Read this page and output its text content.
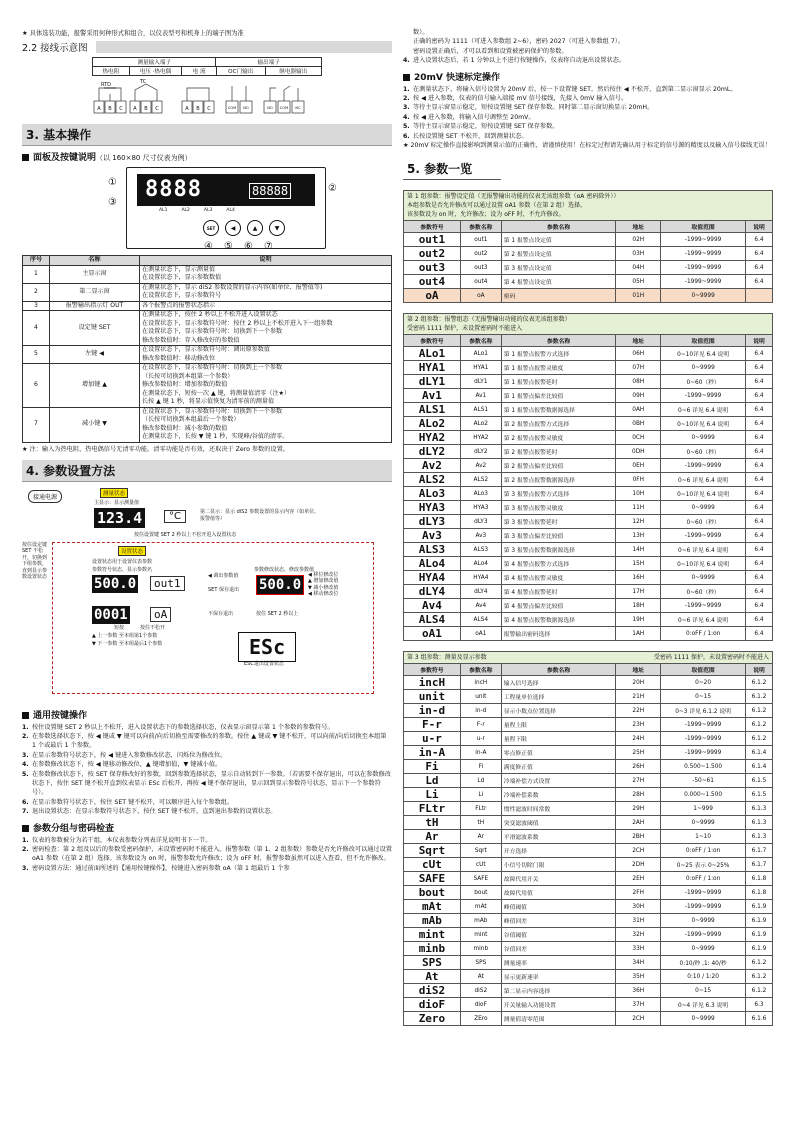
★ 具体选装功能，报警采用何种形式和组合，以仪表型号和机身上的端子图为准
2.2 接线示意图
测量输入端子	输出端子
热电阻	电压 ·热电偶	电 流	OC门输出	继电器输出
RTD	TC
A B C A B C	A B C	COM NO	NO COM NC
3. 基本操作
面板及按键说明（以 160×80 尺寸仪表为例）
8888	88888
AL1	AL2	AL3	AL4
SET	◀	▲	▼
①
②
③
④ ⑤ ⑥ ⑦
序号	名称	说明
1	主显示窗	在测量状态下，显示测量值
在设置状态下，显示参数数值

2	第二显示窗	在测量状态下，显示 diS2 参数设置的显示内容(如单位、报警值等)
在设置状态下，显示参数符号

3	报警输出指示灯 OUT	各个报警点的报警状态指示

4	设定键 SET	在测量状态下，按住 2 秒以上不松开进入设置状态
在设置状态下，显示参数符号时：按住 2 秒以上不松开进入下一组参数
在设置状态下，显示参数符号时：切换到下一个参数
修改参数值时：存入修改好的参数值

5	左键 ◀	在设置状态下，显示参数符号时：调出原参数值
修改参数值时：移动修改位

6	增加键 ▲	在设置状态下，显示参数符号时：切换到上一个参数
（长按可切换到本组第一个参数）
修改参数值时：增加参数的数值
在测量状态下，短按一次 ▲ 键，将测量值清零（注★）
长按 ▲ 键 1 秒，将显示值恢复为清零前的测量值

7	减小键 ▼	在设置状态下，显示参数符号时：切换到下一个参数
（长按可切换到本组最后一个参数）
修改参数值时：减小参数的数值
在测量状态下，长按 ▼ 键 1 秒，实现峰/谷值的清零。
★ 注：输入为热电阻、热电偶信号无清零功能。清零功能是否有效，还取决于 Zero 参数的设置。
4. 参数设置方法
接通电源	测量状态
主显示：显示测量值
123.4	°C	第二显示：显示 diS2 参数设置的显示内容（如单位、报警值等）
按住设置键 SET 2 秒以上不松开进入设置状态
按住设定键 SET 不松开，切换到下组参数，直到显示参数设置状态
设置状态
设置状态用于设置仪表参数
参数符号状态，显示参数名	参数修改状态，修改参数值
500.0	out1
◀ 调出参数值
SET 保存退出 500.0
◀ 移位修改位
▲ 增加修改值
▼ 减小修改值
◀ 移动修改位
0001	oA	不保存退出	按住 SET 2 秒以上
短按	按住不松开
▲ 上一参数 至本组第1个参数
▼ 下一参数 至本组最后1个参数	ESc
ESC退出设置状态
通用按键操作
1. 按住设置键 SET 2 秒以上不松开，进入设置状态下的参数选择状态，仪表显示窗显示第 1 个参数的参数符号。
2. 在参数选择状态下，按 ◀ 键或 ▼ 键可以向前/向后切换至需要修改的参数。按住 ▲ 键或 ▼ 键不松开，可以向前/向后切换至本组第 1 个或最后 1 个参数。
3. 在显示参数符号状态下，按 ◀ 键进入参数修改状态，闪烁位为修改位。
4. 在参数修改状态下，按 ◀ 键移动修改位，▲ 键增加值，▼ 键减小值。
5. 在参数修改状态下，按 SET 保存修改好的参数，回到参数选择状态，显示自动转到下一参数。（若需要不保存退出，可以在参数修改状态下，按住 SET 键不松开直到仪表显示 ESc 后松开，再按 ◀ 键不保存退出，显示回到显示参数符号状态，显示下一个参数符号）。
6. 在显示参数符号状态下，按住 SET 键不松开，可以顺序进入每个参数组。
7. 退出设置状态：在显示参数符号状态下，按住 SET 键不松开，直到退出参数的设置状态。
参数分组与密码检查
1. 仪表的参数被分为若干组，本仪表参数分列表详见说明书下一节。
2. 密码检查：第 2 组及以后的参数受密码保护，未设置密码时不能进入。报警参数（第 1、2 组参数）参数是否允许修改可以通过设置 oA1 参数（在第 2 组）选择。该参数设为 on 时，报警参数允许修改；设为 oFF 时，报警参数虽然可以进入查看，但不允许修改。
3. 密码设置方法：通过前面所述的【通用按键操作】，按键进入密码参数 oA（第 1 组最后 1 个参
数）。
正确的密码为 1111（可进入参数组 2~6），密码 2027（可进入参数组 7）。
密码设置正确后，才可以看到和设置被密码保护的参数。
4. 进入设置状态后，若 1 分钟以上不进行按键操作，仪表将自动退出设置状态。
20mV 快速标定操作
1. 在测量状态下，将输入信号设置为 20mV 后，按一下设置键 SET，然后按住 ◀ 不松开，直到第二显示窗显示 20mL。
2. 按 ◀ 进入参数，仪表的信号输入端接 mV 信号接线，先接入 0mV 输入信号。
3. 等待主显示窗显示稳定，短按设置键 SET 保存参数。同时第二显示窗切换显示 20mH。
4. 按 ◀ 进入参数，将输入信号调整至 20mV。
5. 等待主显示窗显示稳定，短按设置键 SET 保存参数。
6. 长按设置键 SET 不松开，回到测量状态。
★ 20mV 标定操作直接影响到测量示值的正确性，请谨慎使用！在标定过程请先确认用于标定的信号源的精度以及输入信号接线无误！
5. 参数一览
第 1 组参数：报警设定值（无报警输出功能的仪表无该组参数（oA 密码除外））
本组参数是否允许修改可以通过设置 oA1 参数（在第 2 组）选择。
该参数设为 on 时，允许修改；设为 oFF 时，不允许修改。
参数符号	参数名称	参数名称	地址	取值范围	说明
out1	out1	第 1 报警点设定值	02H	-1999~9999	6.4
out2	out2	第 2 报警点设定值	03H	-1999~9999	6.4
out3	out3	第 3 报警点设定值	04H	-1999~9999	6.4
out4	out4	第 4 报警点设定值	05H	-1999~9999	6.4
oA	oA	密码	01H	0~9999	
第 2 组参数：报警组态（无报警输出功能的仪表无该组参数）
受密码 1111 保护，未设置密码时不能进入
参数符号	参数名称	参数名称	地址	取值范围	说明
ALo1	ALo1	第 1 报警点报警方式选择	06H	0~10详见 6.4 说明	6.4
HYA1	HYA1	第 1 报警点报警灵敏度	07H	0~9999	6.4
dLY1	dLY1	第 1 报警点报警延时	08H	0~60（秒）	6.4
Av1	Av1	第 1 报警点偏差比较值	09H	-1999~9999	6.4
ALS1	ALS1	第 1 报警点报警数据源选择	0AH	0~6 详见 6.4 说明	6.4
ALo2	ALo2	第 2 报警点报警方式选择	0BH	0~10详见 6.4 说明	6.4
HYA2	HYA2	第 2 报警点报警灵敏度	0CH	0~9999	6.4
dLY2	dLY2	第 2 报警点报警延时	0DH	0~60（秒）	6.4
Av2	Av2	第 2 报警点偏差比较值	0EH	-1999~9999	6.4
ALS2	ALS2	第 2 报警点报警数据源选择	0FH	0~6 详见 6.4 说明	6.4
ALo3	ALo3	第 3 报警点报警方式选择	10H	0~10详见 6.4 说明	6.4
HYA3	HYA3	第 3 报警点报警灵敏度	11H	0~9999	6.4
dLY3	dLY3	第 3 报警点报警延时	12H	0~60（秒）	6.4
Av3	Av3	第 3 报警点偏差比较值	13H	-1999~9999	6.4
ALS3	ALS3	第 3 报警点报警数据源选择	14H	0~6 详见 6.4 说明	6.4
ALo4	ALo4	第 4 报警点报警方式选择	15H	0~10详见 6.4 说明	6.4
HYA4	HYA4	第 4 报警点报警灵敏度	16H	0~9999	6.4
dLY4	dLY4	第 4 报警点报警延时	17H	0~60（秒）	6.4
Av4	Av4	第 4 报警点偏差比较值	18H	-1999~9999	6.4
ALS4	ALS4	第 4 报警点报警数据源选择	19H	0~6 详见 6.4 说明	6.4
oA1	oA1	报警输出密码选择	1AH	0:oFF / 1:on	6.4
第 3 组参数：测量及显示参数	受密码 1111 保护，未设置密码时不能进入
参数符号	参数名称	参数名称	地址	取值范围	说明
incH	incH	输入信号选择	20H	0~20	6.1.2
unit	unit	工程量单位选择	21H	0~15	6.1.2
in-d	in-d	显示小数点位置选择	22H	0~3 详见 6.1.2 说明	6.1.2
F-r	F-r	量程上限	23H	-1999~9999	6.1.2
u-r	u-r	量程下限	24H	-1999~9999	6.1.2
in-A	in-A	零点修正值	25H	-1999~9999	6.1.4
Fi	Fi	满度修正值	26H	0.500~1.500	6.1.4
Ld	Ld	冷端补偿方式设置	27H	-50~61	6.1.5
Li	Li	冷端补偿系数	28H	0.000~1.500	6.1.5
FLtr	FLtr	惯性滤波时间常数	29H	1~999	6.1.3
tH	tH	突变滤波阈值	2AH	0~9999	6.1.3
Ar	Ar	平滑滤波系数	2BH	1~10	6.1.3
Sqrt	Sqrt	开方选择	2CH	0:oFF / 1:on	6.1.7
cUt	cUt	小信号切除门限	2DH	0~25 表示 0~25%	6.1.7
SAFE	SAFE	故障代用开关	2EH	0:oFF / 1:on	6.1.8
bout	bout	故障代用值	2FH	-1999~9999	6.1.8
mAt	mAt	峰值阈值	30H	-1999~9999	6.1.9
mAb	mAb	峰值回差	31H	0~9999	6.1.9
mint	mint	谷值阈值	32H	-1999~9999	6.1.9
minb	minb	谷值回差	33H	0~9999	6.1.9
SPS	SPS	测量速率	34H	0:10/秒 ,1: 40/秒	6.1.2
At	At	显示更新速率	35H	0:10 / 1:20	6.1.2
diS2	diS2	第二显示内容选择	36H	0~15	6.1.2
dioF	dioF	开关量输入功能设置	37H	0~4 详见 6.3 说明	6.3
Zero	ZEro	测量值清零范围	2CH	0~9999	6.1.6
